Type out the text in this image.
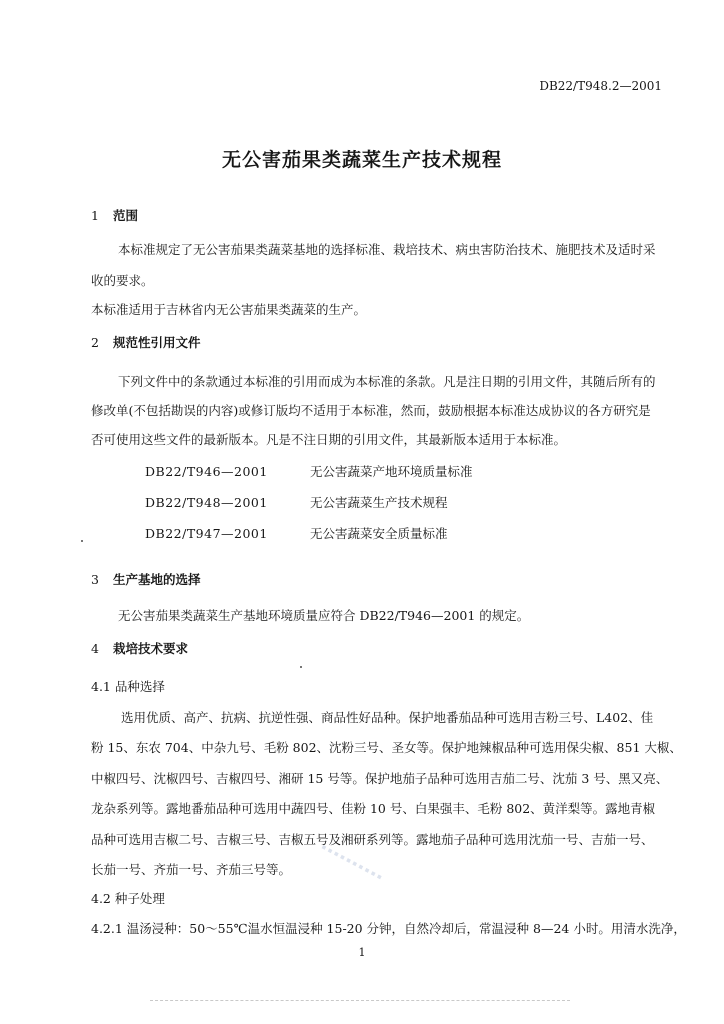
DB22/T948.2—2001
无公害茄果类蔬菜生产技术规程
1 范围
本标准规定了无公害茄果类蔬菜基地的选择标准、栽培技术、病虫害防治技术、施肥技术及适时采
收的要求。
本标准适用于吉林省内无公害茄果类蔬菜的生产。
2 规范性引用文件
下列文件中的条款通过本标准的引用而成为本标准的条款。凡是注日期的引用文件，其随后所有的
修改单(不包括勘误的内容)或修订版均不适用于本标准，然而，鼓励根据本标准达成协议的各方研究是
否可使用这些文件的最新版本。凡是不注日期的引用文件，其最新版本适用于本标准。
DB22/T946—2001	无公害蔬菜产地环境质量标准
DB22/T948—2001	无公害蔬菜生产技术规程
DB22/T947—2001	无公害蔬菜安全质量标准
3 生产基地的选择
无公害茄果类蔬菜生产基地环境质量应符合 DB22/T946—2001 的规定。
4 栽培技术要求
4.1 品种选择
选用优质、高产、抗病、抗逆性强、商品性好品种。保护地番茄品种可选用吉粉三号、L402、佳
粉 15、东农 704、中杂九号、毛粉 802、沈粉三号、圣女等。保护地辣椒品种可选用保尖椒、851 大椒、
中椒四号、沈椒四号、吉椒四号、湘研 15 号等。保护地茄子品种可选用吉茄二号、沈茄 3 号、黑又亮、
龙杂系列等。露地番茄品种可选用中蔬四号、佳粉 10 号、白果强丰、毛粉 802、黄洋梨等。露地青椒
品种可选用吉椒二号、吉椒三号、吉椒五号及湘研系列等。露地茄子品种可选用沈茄一号、吉茄一号、
长茄一号、齐茄一号、齐茄三号等。
4.2 种子处理
4.2.1 温汤浸种：50～55℃温水恒温浸种 15-20 分钟，自然冷却后，常温浸种 8—24 小时。用清水洗净，
▪ ▪ ▪ ▪ ▪ ▪ ▪ ▪ ▪ ▪
1
